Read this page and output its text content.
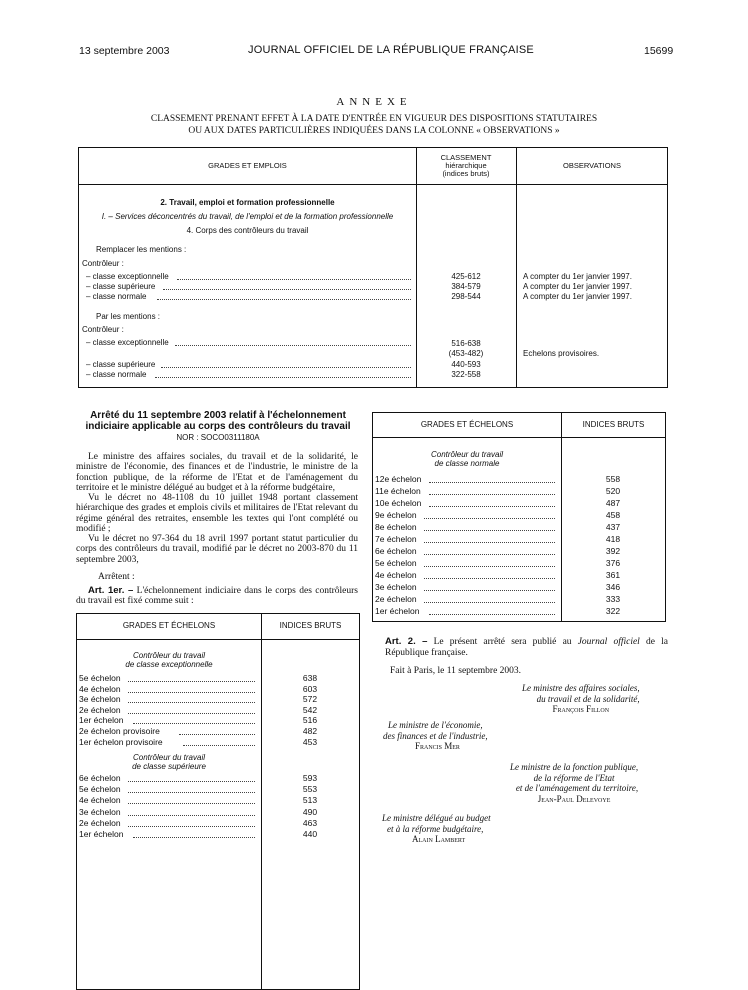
13 septembre 2003	JOURNAL OFFICIEL DE LA RÉPUBLIQUE FRANÇAISE	15699
ANNEXE
CLASSEMENT PRENANT EFFET À LA DATE D'ENTRÉE EN VIGUEUR DES DISPOSITIONS STATUTAIRES
OU AUX DATES PARTICULIÈRES INDIQUÉES DANS LA COLONNE « OBSERVATIONS »
GRADES ET EMPLOIS
CLASSEMENT
hiérarchique
(indices bruts)
OBSERVATIONS
2. Travail, emploi et formation professionnelle
I. – Services déconcentrés du travail, de l'emploi et de la formation professionnelle
4. Corps des contrôleurs du travail
Remplacer les mentions :
Contrôleur :
– classe exceptionnelle	425-612	A compter du 1er janvier 1997.
– classe supérieure	384-579	A compter du 1er janvier 1997.
– classe normale	298-544	A compter du 1er janvier 1997.
Par les mentions :
Contrôleur :
– classe exceptionnelle	516-638
(453-482)	Echelons provisoires.
– classe supérieure	440-593
– classe normale	322-558
Arrêté du 11 septembre 2003 relatif à l'échelonnement
indiciaire applicable au corps des contrôleurs du travail
NOR : SOCO0311180A
Le ministre des affaires sociales, du travail et de la solidarité, le ministre de l'économie, des finances et de l'industrie, le ministre de la fonction publique, de la réforme de l'Etat et de l'aménagement du territoire et le ministre délégué au budget et à la réforme budgétaire,
Vu le décret no 48-1108 du 10 juillet 1948 portant classement hiérarchique des grades et emplois civils et militaires de l'Etat relevant du régime général des retraites, ensemble les textes qui l'ont complété ou modifié ;
Vu le décret no 97-364 du 18 avril 1997 portant statut particulier du corps des contrôleurs du travail, modifié par le décret no 2003-870 du 11 septembre 2003,
Arrêtent :
Art. 1er. – L'échelonnement indiciaire dans le corps des contrôleurs du travail est fixé comme suit :
GRADES ET ÉCHELONS	INDICES BRUTS
Contrôleur du travail
de classe exceptionnelle
5e échelon	638
4e échelon	603
3e échelon	572
2e échelon	542
1er échelon	516
2e échelon provisoire	482
1er échelon provisoire	453
Contrôleur du travail
de classe supérieure
6e échelon	593
5e échelon	553
4e échelon	513
3e échelon	490
2e échelon	463
1er échelon	440
GRADES ET ÉCHELONS	INDICES BRUTS
Contrôleur du travail
de classe normale
12e échelon	558
11e échelon	520
10e échelon	487
9e échelon	458
8e échelon	437
7e échelon	418
6e échelon	392
5e échelon	376
4e échelon	361
3e échelon	346
2e échelon	333
1er échelon	322
Art. 2. – Le présent arrêté sera publié au Journal officiel de la République française.
Fait à Paris, le 11 septembre 2003.
Le ministre des affaires sociales,
du travail et de la solidarité,
François Fillon
Le ministre de l'économie,
des finances et de l'industrie,
Francis Mer
Le ministre de la fonction publique,
de la réforme de l'Etat
et de l'aménagement du territoire,
Jean-Paul Delevoye
Le ministre délégué au budget
et à la réforme budgétaire,
Alain Lambert
